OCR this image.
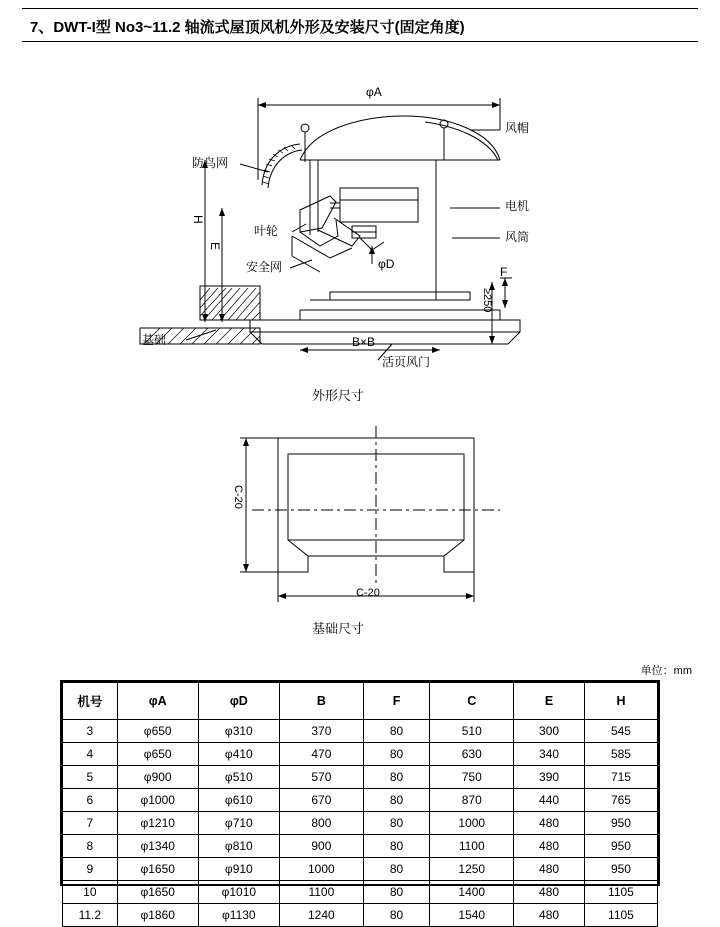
7、DWT-I型 No3~11.2 轴流式屋顶风机外形及安装尺寸(固定角度)
φA
风帽
防鸟网
电机
风筒
叶轮
安全网	φD
基础
活页风门
B×B
F
H
E
≥250
外形尺寸
C-20
C-20
基础尺寸
单位：mm
机号	φA	φD	B	F	C	E	H
3	φ650	φ310	370	80	510	300	545
4	φ650	φ410	470	80	630	340	585
5	φ900	φ510	570	80	750	390	715
6	φ1000	φ610	670	80	870	440	765
7	φ1210	φ710	800	80	1000	480	950
8	φ1340	φ810	900	80	1100	480	950
9	φ1650	φ910	1000	80	1250	480	950
10	φ1650	φ1010	1100	80	1400	480	1105
11.2	φ1860	φ1130	1240	80	1540	480	1105
